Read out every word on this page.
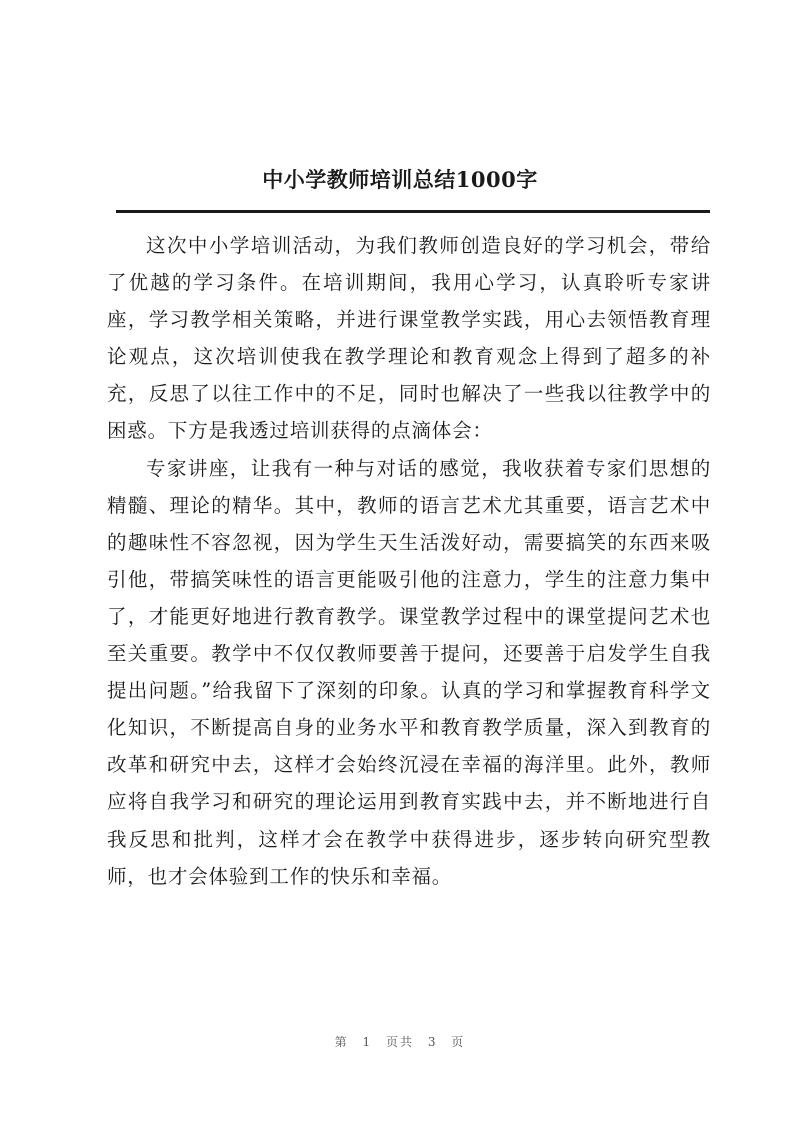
中小学教师培训总结1000字

这次中小学培训活动，为我们教师创造良好的学习机会，带给了优越的学习条件。在培训期间，我用心学习，认真聆听专家讲座，学习教学相关策略，并进行课堂教学实践，用心去领悟教育理论观点，这次培训使我在教学理论和教育观念上得到了超多的补充，反思了以往工作中的不足，同时也解决了一些我以往教学中的困惑。下方是我透过培训获得的点滴体会：

专家讲座，让我有一种与对话的感觉，我收获着专家们思想的精髓、理论的精华。其中，教师的语言艺术尤其重要，语言艺术中的趣味性不容忽视，因为学生天生活泼好动，需要搞笑的东西来吸引他，带搞笑味性的语言更能吸引他的注意力，学生的注意力集中了，才能更好地进行教育教学。课堂教学过程中的课堂提问艺术也至关重要。教学中不仅仅教师要善于提问，还要善于启发学生自我提出问题。”给我留下了深刻的印象。认真的学习和掌握教育科学文化知识，不断提高自身的业务水平和教育教学质量，深入到教育的改革和研究中去，这样才会始终沉浸在幸福的海洋里。此外，教师应将自我学习和研究的理论运用到教育实践中去，并不断地进行自我反思和批判，这样才会在教学中获得进步，逐步转向研究型教师，也才会体验到工作的快乐和幸福。

第 1 页共 3 页
